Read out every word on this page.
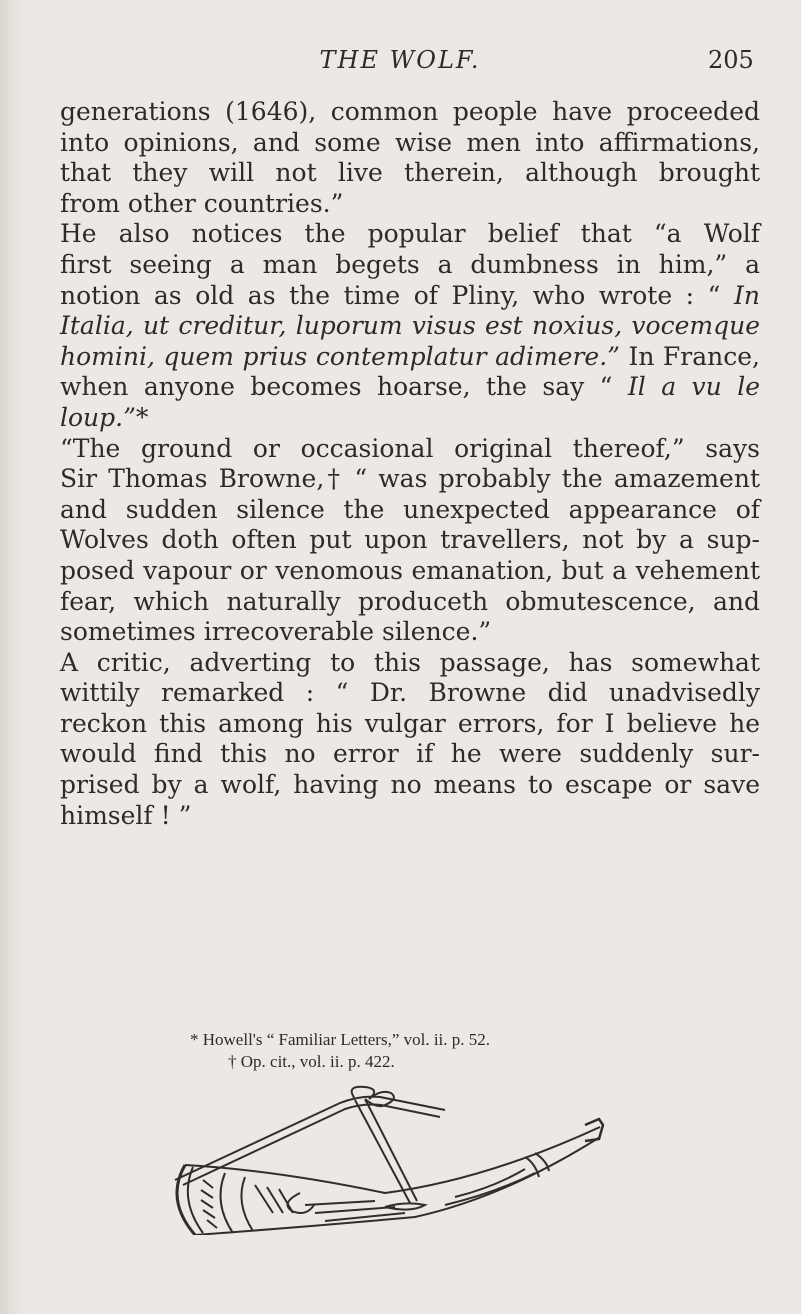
THE WOLF.	205
generations (1646), common people have proceeded
into opinions, and some wise men into affirmations,
that they will not live therein, although brought
from other countries.”
He also notices the popular belief that “a Wolf
first seeing a man begets a dumbness in him,” a
notion as old as the time of Pliny, who wrote : “ In
Italia, ut creditur, luporum visus est noxius, vocemque
homini, quem prius contemplatur adimere.” In France,
when anyone becomes hoarse, the say “ Il a vu le
loup.”*
“The ground or occasional original thereof,” says
Sir Thomas Browne,† “ was probably the amazement
and sudden silence the unexpected appearance of
Wolves doth often put upon travellers, not by a sup-
posed vapour or venomous emanation, but a vehement
fear, which naturally produceth obmutescence, and
sometimes irrecoverable silence.”
A critic, adverting to this passage, has somewhat
wittily remarked : “ Dr. Browne did unadvisedly
reckon this among his vulgar errors, for I believe he
would find this no error if he were suddenly sur-
prised by a wolf, having no means to escape or save
himself ! ”
* Howell's “ Familiar Letters,” vol. ii. p. 52.
† Op. cit., vol. ii. p. 422.
